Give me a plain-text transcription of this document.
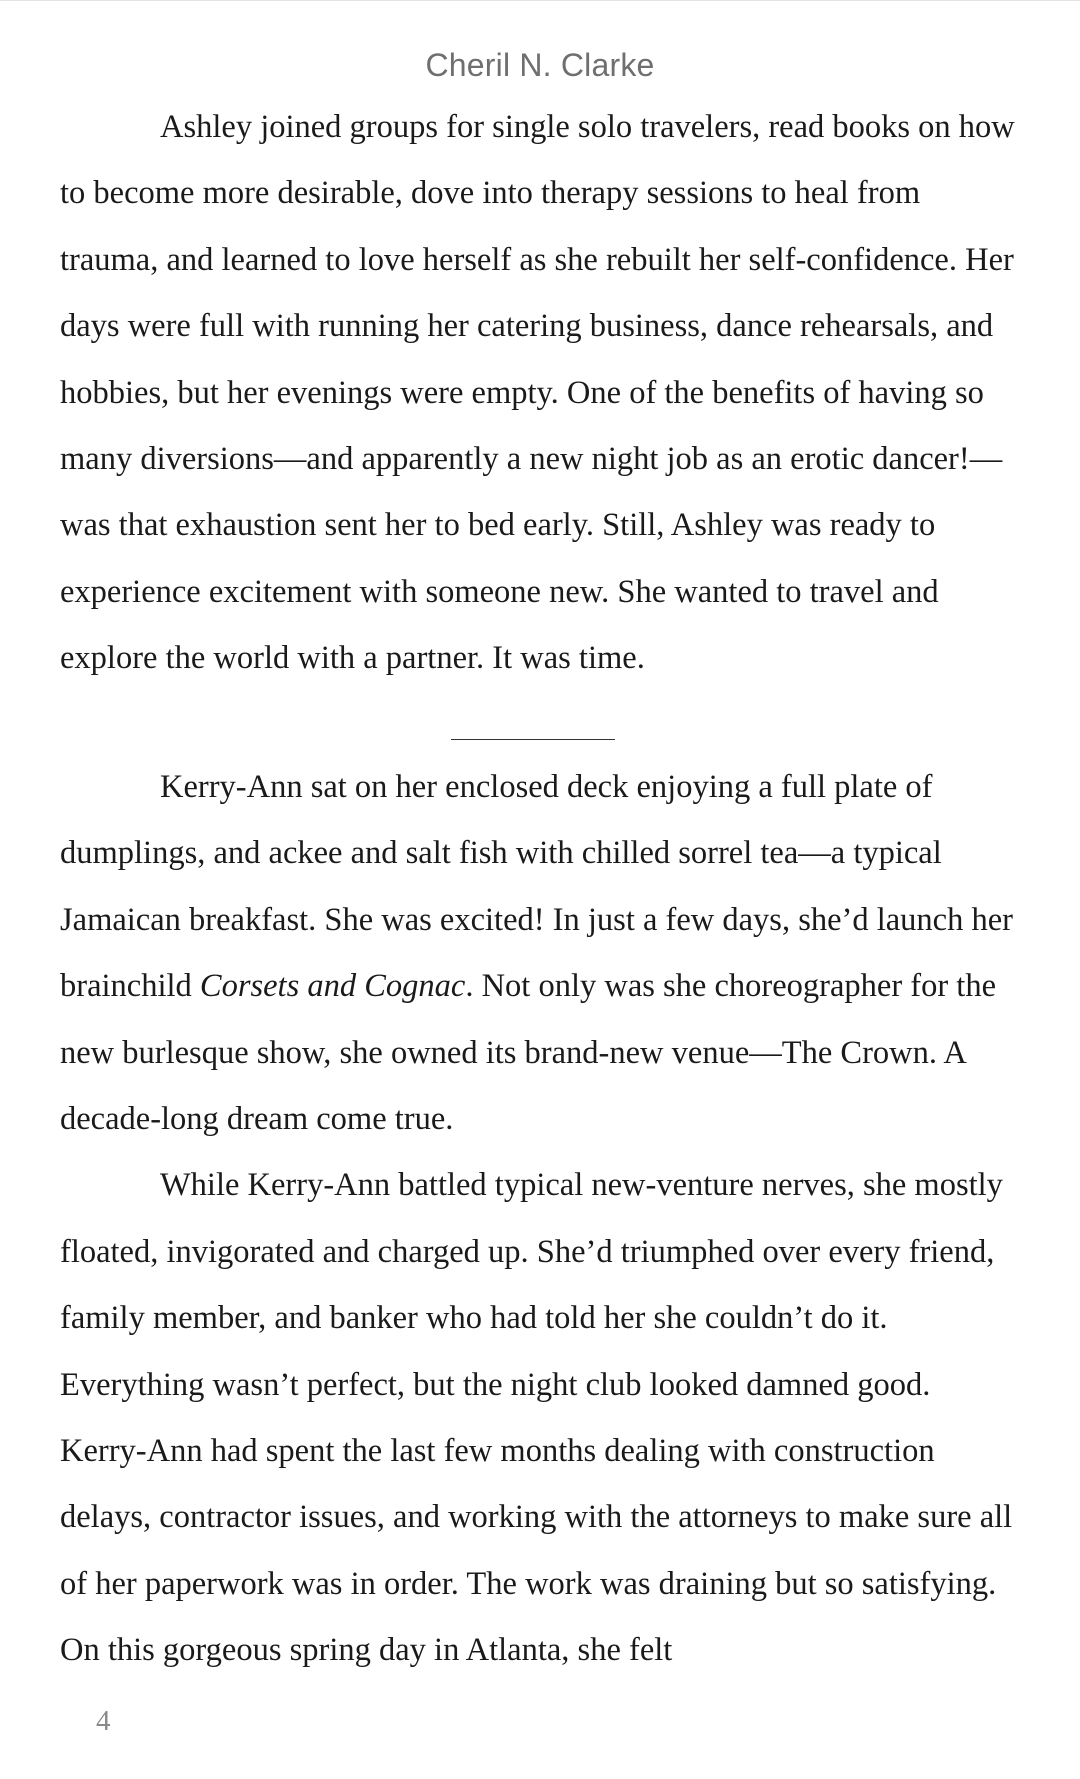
Cheril N. Clarke

Ashley joined groups for single solo travelers, read books on how to become more desirable, dove into therapy sessions to heal from trauma, and learned to love herself as she rebuilt her self-confidence. Her days were full with running her catering business, dance rehearsals, and hobbies, but her evenings were empty. One of the benefits of having so many diversions—and apparently a new night job as an erotic dancer!—was that exhaustion sent her to bed early. Still, Ashley was ready to experience excitement with someone new. She wanted to travel and explore the world with a partner. It was time.

Kerry-Ann sat on her enclosed deck enjoying a full plate of dumplings, and ackee and salt fish with chilled sorrel tea—a typical Jamaican breakfast. She was excited! In just a few days, she’d launch her brainchild Corsets and Cognac. Not only was she choreographer for the new burlesque show, she owned its brand-new venue—The Crown. A decade-long dream come true.

While Kerry-Ann battled typical new-venture nerves, she mostly floated, invigorated and charged up. She’d triumphed over every friend, family member, and banker who had told her she couldn’t do it. Everything wasn’t perfect, but the night club looked damned good. Kerry-Ann had spent the last few months dealing with construction delays, contractor issues, and working with the attorneys to make sure all of her paperwork was in order. The work was draining but so satisfying. On this gorgeous spring day in Atlanta, she felt

4
